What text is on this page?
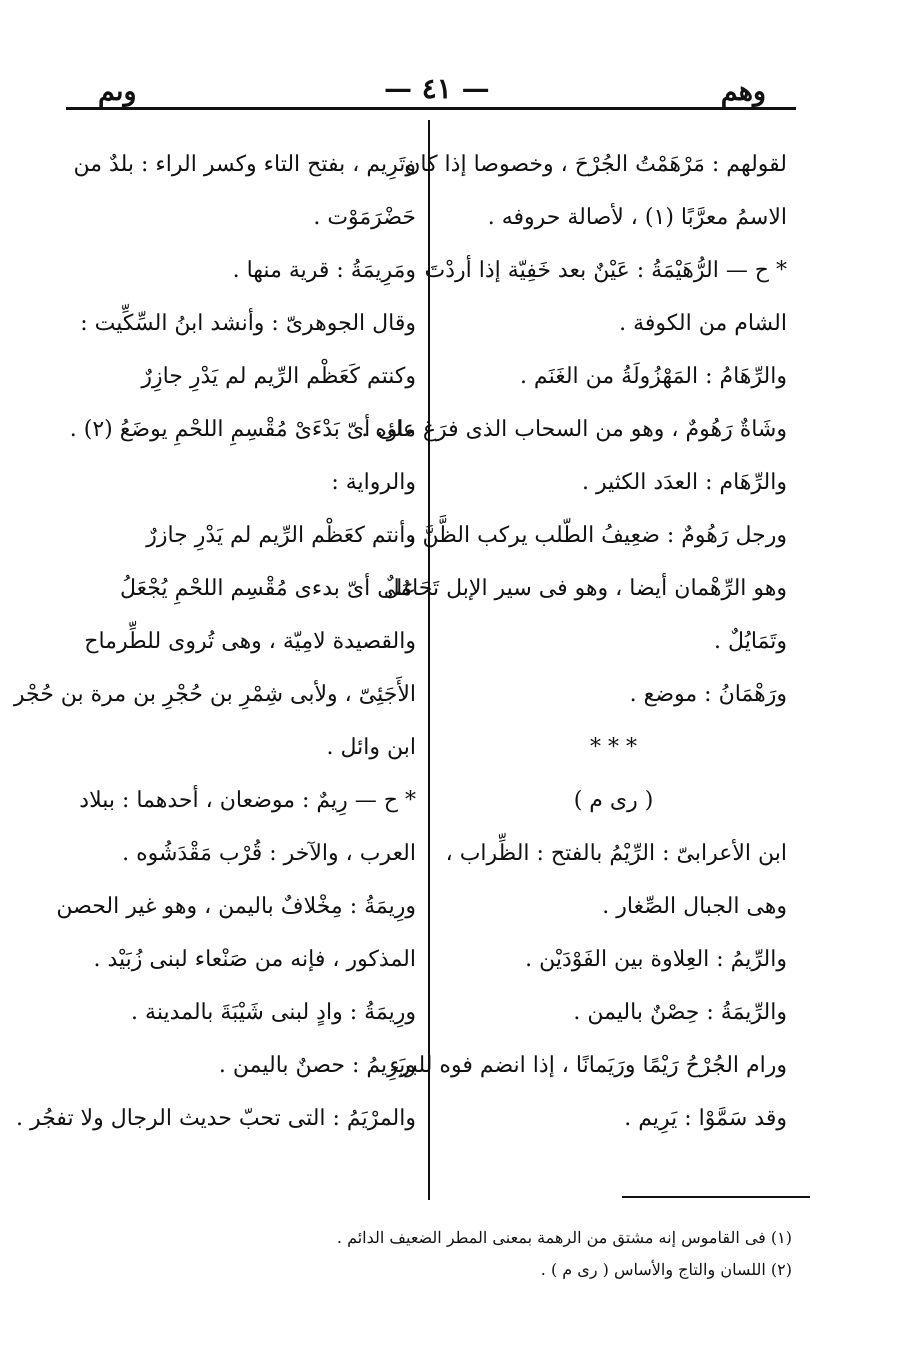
وهم
— ٤١ —
وىم
لقولهم : مَرْهَمْتُ الجُرْحَ ، وخصوصا إذا كان
الاسمُ معرَّبًا (١) ، لأصالة حروفه .
* ح — الرُّهَيْمَةُ : عَيْنٌ بعد خَفِيّة إذا أردْتَ
الشام من الكوفة .
والرِّهَامُ : المَهْزُولَةُ من الغَنَم .
وشَاةٌ رَهُومٌ ، وهو من السحاب الذى فرَغ ماؤه .
والرِّهَام : العدَد الكثير .
ورجل رَهُومٌ : ضعِيفُ الطّلب يركب الظَّنَّ ،
وهو الرِّهْمان أيضا ، وهو فى سير الإبل تَحَامُلٌ
وتَمَايُلٌ .
ورَهْمَانُ : موضع .
* * *
( رى م )
ابن الأعرابىّ : الرِّيْمُ بالفتح : الظِّراب ،
وهى الجبال الصِّغار .
والرِّيمُ : العِلاوة بين الفَوْدَيْن .
والرِّيمَةُ : حِصْنٌ باليمن .
ورام الجُرْحُ رَيْمًا ورَيَمانًا ، إذا انضم فوه للبرء .
وقد سَمَّوْا : يَرِيم .
وتَرِيم ، بفتح التاء وكسر الراء : بلدٌ من
حَضْرَمَوْت .
ومَرِيمَةُ : قرية منها .
وقال الجوهرىّ : وأنشد ابنُ السِّكِّيت :
وكنتم كَعَظْم الرِّيم لم يَدْرِ جازِرٌ
على أىّ بَدْءَىْ مُقْسِمِ اللحْمِ يوضَعُ (٢) .
والرواية :
وأنتم كعَظْم الرِّيم لم يَدْرِ جازرٌ
على أىّ بدءى مُقْسِم اللحْمِ يُجْعَلُ
والقصيدة لامِيّة ، وهى تُروى للطِّرماح
الأَجَئِىّ ، ولأبى شِمْرِ بن حُجْرِ بن مرة بن حُجْر
ابن وائل .
* ح — رِيمٌ : موضعان ، أحدهما : ببلاد
العرب ، والآخر : قُرْب مَقْدَشُوه .
ورِيمَةُ : مِخْلافٌ باليمن ، وهو غير الحصن
المذكور ، فإنه من صَنْعاء لبنى زُبَيْد .
ورِيمَةُ : وادٍ لبنى شَيْبَةَ بالمدينة .
ويَرِيمُ : حصنٌ باليمن .
والمرْيَمُ : التى تحبّ حديث الرجال ولا تفجُر .
(١) فى القاموس إنه مشتق من الرهمة بمعنى المطر الضعيف الدائم .
(٢) اللسان والتاج والأساس ( رى م ) .
